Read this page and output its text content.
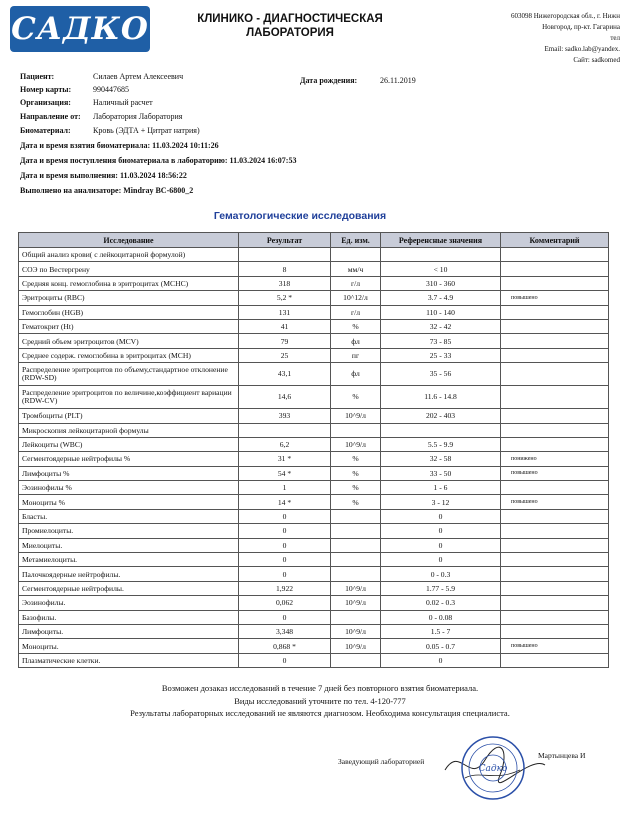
САДКО	КЛИНИКО - ДИАГНОСТИЧЕСКАЯ
ЛАБОРАТОРИЯ
603098 Нижегородская обл., г. Нижн
Новгород, пр-кт. Гагарина
тел
Email: sadko.lab@yandex.
Сайт: sadkomed
Пациент:	Силаев Артем Алексеевич	Дата рождения:	26.11.2019
Номер карты:	990447685
Организация:	Наличный расчет
Направление от: Лаборатория Лаборатория
Биоматериал:	Кровь (ЭДТА + Цитрат натрия)
Дата и время взятия биоматериала: 11.03.2024 10:11:26
Дата и время поступления биоматериала в лабораторию: 11.03.2024 16:07:53
Дата и время выполнения: 11.03.2024 18:56:22
Выполнено на анализаторе: Mindray BC-6800_2
Гематологические исследования
Исследование	Результат	Ед. изм.	Референсные значения	Комментарий
Общий анализ крови( с лейкоцитарной формулой)				
СОЭ по Вестергрену	8	мм/ч	< 10	
Средняя конц. гемоглобина в эритроцитах (MCHC)	318	г/л	310 - 360	
Эритроциты (RBC)	5,2 *	10^12/л	3.7 - 4.9	повышено
Гемоглобин (HGB)	131	г/л	110 - 140	
Гематокрит (Ht)	41	%	32 - 42	
Средний объем эритроцитов (MCV)	79	фл	73 - 85	
Среднее содерж. гемоглобина в эритроцитах (MCH)	25	пг	25 - 33	
Распределение эритроцитов по объему,стандартное отклонение (RDW-SD)	43,1	фл	35 - 56	
Распределение эритроцитов по величине,коэффициент вариации (RDW-CV)	14,6	%	11.6 - 14.8	
Тромбоциты (PLT)	393	10^9/л	202 - 403	
Микроскопия лейкоцитарной формулы				
Лейкоциты (WBC)	6,2	10^9/л	5.5 - 9.9	
Сегментоядерные нейтрофилы %	31 *	%	32 - 58	понижено
Лимфоциты %	54 *	%	33 - 50	повышено
Эозинофилы %	1	%	1 - 6	
Моноциты %	14 *	%	3 - 12	повышено
Бласты.	0		0	
Промиелоциты.	0		0	
Миелоциты.	0		0	
Метамиелоциты.	0		0	
Палочкоядерные нейтрофилы.	0		0 - 0.3	
Сегментоядерные нейтрофилы.	1,922	10^9/л	1.77 - 5.9	
Эозинофилы.	0,062	10^9/л	0.02 - 0.3	
Базофилы.	0		0 - 0.08	
Лимфоциты.	3,348	10^9/л	1.5 - 7	
Моноциты.	0,868 *	10^9/л	0.05 - 0.7	повышено
Плазматические клетки.	0		0	
Возможен дозаказ исследований в течение 7 дней без повторного взятия биоматериала.
Виды исследований уточните по тел. 4-120-777
Результаты лабораторных исследований не являются диагнозом. Необходима консультация специалиста.
Заведующий лабораторией
Садко
Мартынцева И
